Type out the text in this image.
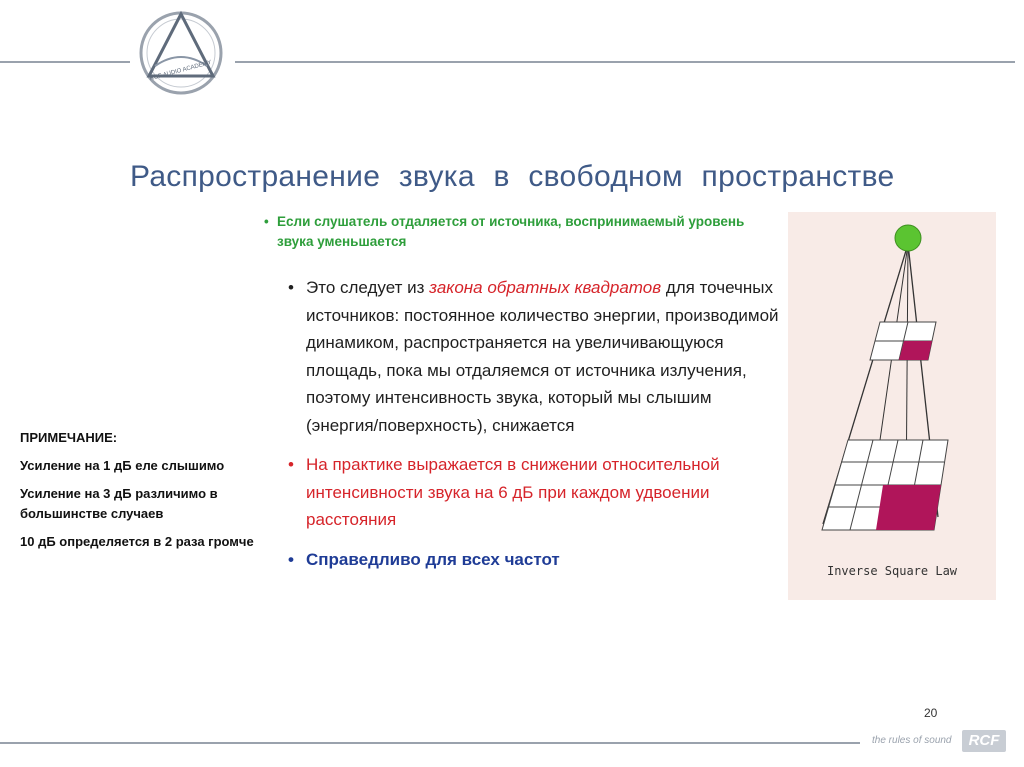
RCF AUDIO ACADEMY
Распространение звука в свободном пространстве
• Если слушатель отдаляется от источника, воспринимаемый уровень звука уменьшается
• Это следует из закона обратных квадратов для точечных источников: постоянное количество энергии, производимой динамиком, распространяется на увеличивающуюся площадь, пока мы отдаляемся от источника излучения, поэтому интенсивность звука, который мы слышим (энергия/поверхность), снижается
• На практике выражается в снижении относительной интенсивности звука на 6 дБ при каждом удвоении расстояния
• Справедливо для всех частот

ПРИМЕЧАНИЕ:

Усиление на 1 дБ еле слышимо

Усиление на 3 дБ различимо в большинстве случаев

10 дБ определяется в 2 раза громче

Inverse Square Law
20
the rules of sound	RCF
